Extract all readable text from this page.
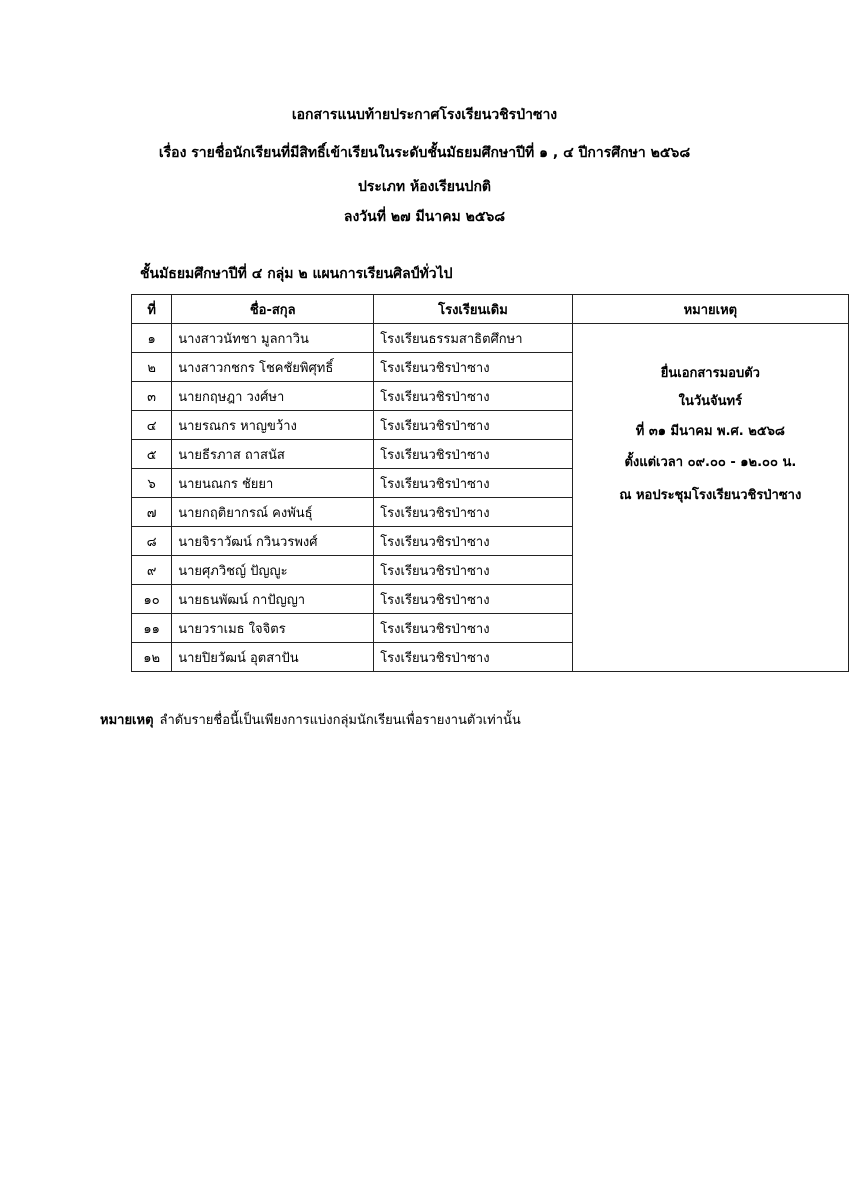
เอกสารแนบท้ายประกาศโรงเรียนวชิรป่าซาง
เรื่อง รายชื่อนักเรียนที่มีสิทธิ์เข้าเรียนในระดับชั้นมัธยมศึกษาปีที่ ๑ , ๔ ปีการศึกษา ๒๕๖๘
ประเภท ห้องเรียนปกติ
ลงวันที่ ๒๗ มีนาคม ๒๕๖๘
ชั้นมัธยมศึกษาปีที่ ๔ กลุ่ม ๒ แผนการเรียนศิลป์ทั่วไป
ที่	ชื่อ-สกุล	โรงเรียนเดิม	หมายเหตุ
๑	นางสาวนัทชา มูลกาวิน	โรงเรียนธรรมสาธิตศึกษา	ยื่นเอกสารมอบตัว
ในวันจันทร์
ที่ ๓๑ มีนาคม พ.ศ. ๒๕๖๘
ตั้งแต่เวลา ๐๙.๐๐ - ๑๒.๐๐ น.
ณ หอประชุมโรงเรียนวชิรป่าซาง

๒	นางสาวกชกร โชคชัยพิศุทธิ์	โรงเรียนวชิรป่าซาง	
๓	นายกฤษฎา วงศ์ษา	โรงเรียนวชิรป่าซาง	
๔	นายรณกร หาญขว้าง	โรงเรียนวชิรป่าซาง	
๕	นายธีรภาส ถาสนัส	โรงเรียนวชิรป่าซาง	
๖	นายนณกร ชัยยา	โรงเรียนวชิรป่าซาง	
๗	นายกฤติยากรณ์ คงพันธุ์	โรงเรียนวชิรป่าซาง	
๘	นายจิราวัฒน์ กวินวรพงศ์	โรงเรียนวชิรป่าซาง	
๙	นายศุภวิชญ์ ปัญญูะ	โรงเรียนวชิรป่าซาง	
๑๐	นายธนพัฒน์ กาปัญญา	โรงเรียนวชิรป่าซาง	
๑๑	นายวราเมธ ใจจิตร	โรงเรียนวชิรป่าซาง	
๑๒	นายปิยวัฒน์ อุตสาปัน	โรงเรียนวชิรป่าซาง	
หมายเหตุ ลำดับรายชื่อนี้เป็นเพียงการแบ่งกลุ่มนักเรียนเพื่อรายงานตัวเท่านั้น
